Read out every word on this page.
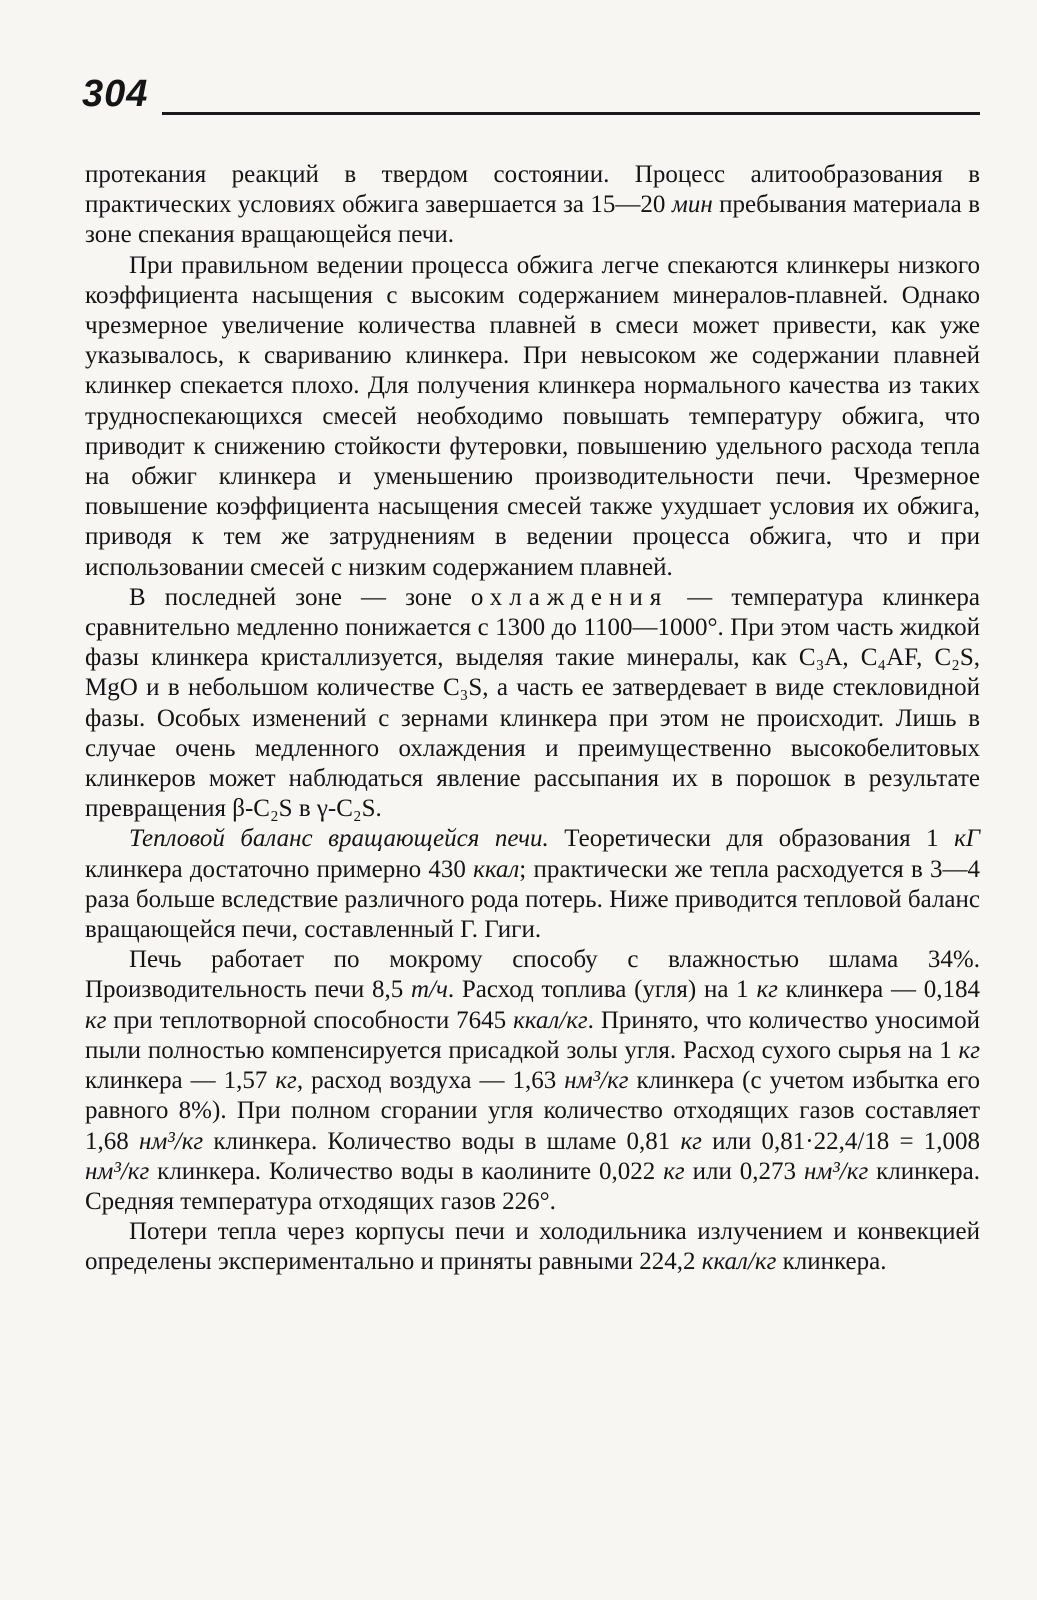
304

протекания реакций в твердом состоянии. Процесс алитообразования в практических условиях обжига завершается за 15—20 мин пребывания материала в зоне спекания вращающейся печи.

При правильном ведении процесса обжига легче спекаются клинкеры низкого коэффициента насыщения с высоким содержанием минералов-плавней. Однако чрезмерное увеличение количества плавней в смеси может привести, как уже указывалось, к свариванию клинкера. При невысоком же содержании плавней клинкер спекается плохо. Для получения клинкера нормального качества из таких трудноспекающихся смесей необходимо повышать температуру обжига, что приводит к снижению стойкости футеровки, повышению удельного расхода тепла на обжиг клинкера и уменьшению производительности печи. Чрезмерное повышение коэффициента насыщения смесей также ухудшает условия их обжига, приводя к тем же затруднениям в ведении процесса обжига, что и при использовании смесей с низким содержанием плавней.

В последней зоне — зоне охлаждения — температура клинкера сравнительно медленно понижается с 1300 до 1100—1000°. При этом часть жидкой фазы клинкера кристаллизуется, выделяя такие минералы, как C₃A, C₄AF, C₂S, MgO и в небольшом количестве C₃S, а часть ее затвердевает в виде стекловидной фазы. Особых изменений с зернами клинкера при этом не происходит. Лишь в случае очень медленного охлаждения и преимущественно высокобелитовых клинкеров может наблюдаться явление рассыпания их в порошок в результате превращения β-C₂S в γ-C₂S.

Тепловой баланс вращающейся печи. Теоретически для образования 1 кГ клинкера достаточно примерно 430 ккал; практически же тепла расходуется в 3—4 раза больше вследствие различного рода потерь. Ниже приводится тепловой баланс вращающейся печи, составленный Г. Гиги.

Печь работает по мокрому способу с влажностью шлама 34%. Производительность печи 8,5 т/ч. Расход топлива (угля) на 1 кг клинкера — 0,184 кг при теплотворной способности 7645 ккал/кг. Принято, что количество уносимой пыли полностью компенсируется присадкой золы угля. Расход сухого сырья на 1 кг клинкера — 1,57 кг, расход воздуха — 1,63 нм³/кг клинкера (с учетом избытка его равного 8%). При полном сгорании угля количество отходящих газов составляет 1,68 нм³/кг клинкера. Количество воды в шламе 0,81 кг или 0,81·22,4/18 = 1,008 нм³/кг клинкера. Количество воды в каолините 0,022 кг или 0,273 нм³/кг клинкера. Средняя температура отходящих газов 226°.

Потери тепла через корпусы печи и холодильника излучением и конвекцией определены экспериментально и приняты равными 224,2 ккал/кг клинкера.
